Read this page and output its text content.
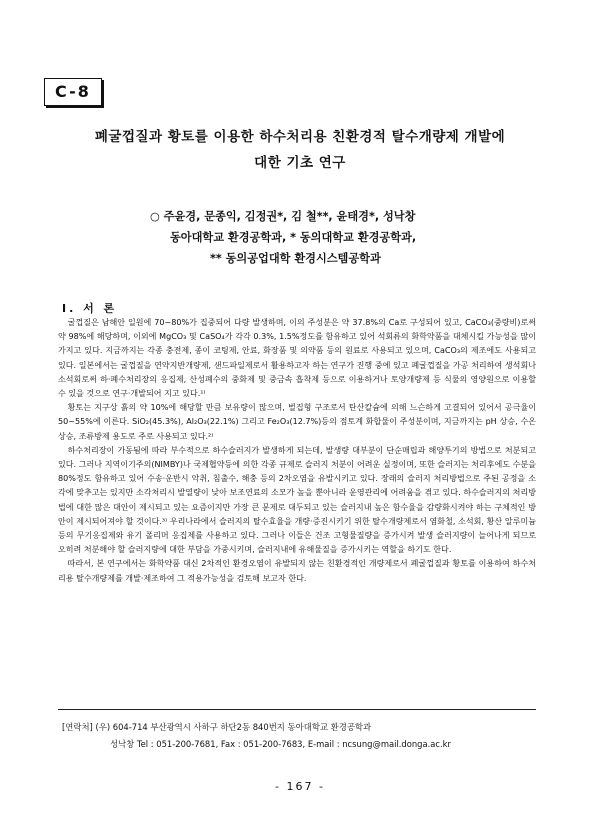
C-8
폐굴껍질과 황토를 이용한 하수처리용 친환경적 탈수개량제 개발에
대한 기초 연구
○ 주윤경, 문종익, 김정권*, 김 철**, 윤태경*, 성낙창
동아대학교 환경공학과, * 동의대학교 환경공학과,
** 동의공업대학 환경시스템공학과
Ⅰ. 서 론

굴껍질은 남해안 일원에 70~80%가 집중되어 다량 발생하며, 이의 주성분은 약 37.8%의 Ca로 구성되어 있고, CaCO₃(중량비)로써 약 98%에 해당하며, 이외에 MgCO₃ 및 CaSO₄가 각각 0.3%, 1.5%정도를 함유하고 있어 석회류의 화학약품을 대체시킬 가능성을 많이 가지고 있다. 지금까지는 각종 충전제, 종이 코팅제, 안료, 화장품 및 의약품 등의 원료로 사용되고 있으며, CaCO₃의 제조에도 사용되고 있다. 일본에서는 굴껍질을 연약지반개량제, 샌드파일제로서 활용하고자 하는 연구가 진행 중에 있고 폐굴껍질을 가공 처리하여 생석회나 소석회로써 하·폐수처리장의 응집제, 산성폐수의 중화제 및 중금속 흡착제 등으로 이용하거나 토양개량제 등 식물의 영양원으로 이용할 수 있을 것으로 연구·개발되어 지고 있다.¹⁾

황토는 지구상 흙의 약 10%에 해당할 만큼 보유량이 많으며, 벌집형 구조로서 탄산칼슘에 의해 느슨하게 고결되어 있어서 공극율이 50~55%에 이른다. SiO₂(45.3%), Al₂O₃(22.1%) 그리고 Fe₂O₃(12.7%)등의 점토계 화합물이 주성분이며, 지금까지는 pH 상승, 수온 상승, 조류방제 용도로 주로 사용되고 있다.²⁾

하수처리장이 가동됨에 따라 부수적으로 하수슬러지가 발생하게 되는데, 발생량 대부분이 단순매립과 해양투기의 방법으로 처분되고 있다. 그러나 지역이기주의(NIMBY)나 국제협약등에 의한 각종 규제로 슬러지 처분이 어려운 실정이며, 또한 슬러지는 처리후에도 수분을 80%정도 함유하고 있어 수송·운반시 악취, 침출수, 해충 등의 2차오염을 유발시키고 있다. 장래의 슬러지 처리방법으로 주된 공정을 소각에 맞추고는 있지만 소각처리시 발열량이 낮아 보조연료의 소모가 높을 뿐아니라 운영관리에 어려움을 겪고 있다. 하수슬러지의 처리방법에 대한 많은 대안이 제시되고 있는 요즘이지만 가장 큰 문제로 대두되고 있는 슬러지내 높은 함수율을 감량화시켜야 하는 구체적인 방안이 제시되어져야 할 것이다.³⁾ 우리나라에서 슬러지의 탈수효율을 개량·증진시키기 위한 탈수개량제로서 염화철, 소석회, 황산 알루미늄 등의 무기응집제와 유기 폴리머 응집제를 사용하고 있다. 그러나 이들은 건조 고형물질량을 증가시켜 발생 슬러지량이 늘어나게 되므로 오히려 처분해야 할 슬러지량에 대한 부담을 가중시키며, 슬러지내에 유해물질을 증가시키는 역할을 하기도 한다.

따라서, 본 연구에서는 화학약품 대신 2차적인 환경오염이 유발되지 않는 친환경적인 개량제로서 폐굴껍질과 황토를 이용하여 하수처리용 탈수개량제를 개발·제조하여 그 적용가능성을 검토해 보고자 한다.

[연락처] (우) 604-714 부산광역시 사하구 하단2동 840번지 동아대학교 환경공학과
성낙창 Tel : 051-200-7681, Fax : 051-200-7683, E-mail : ncsung@mail.donga.ac.kr
- 167 -
